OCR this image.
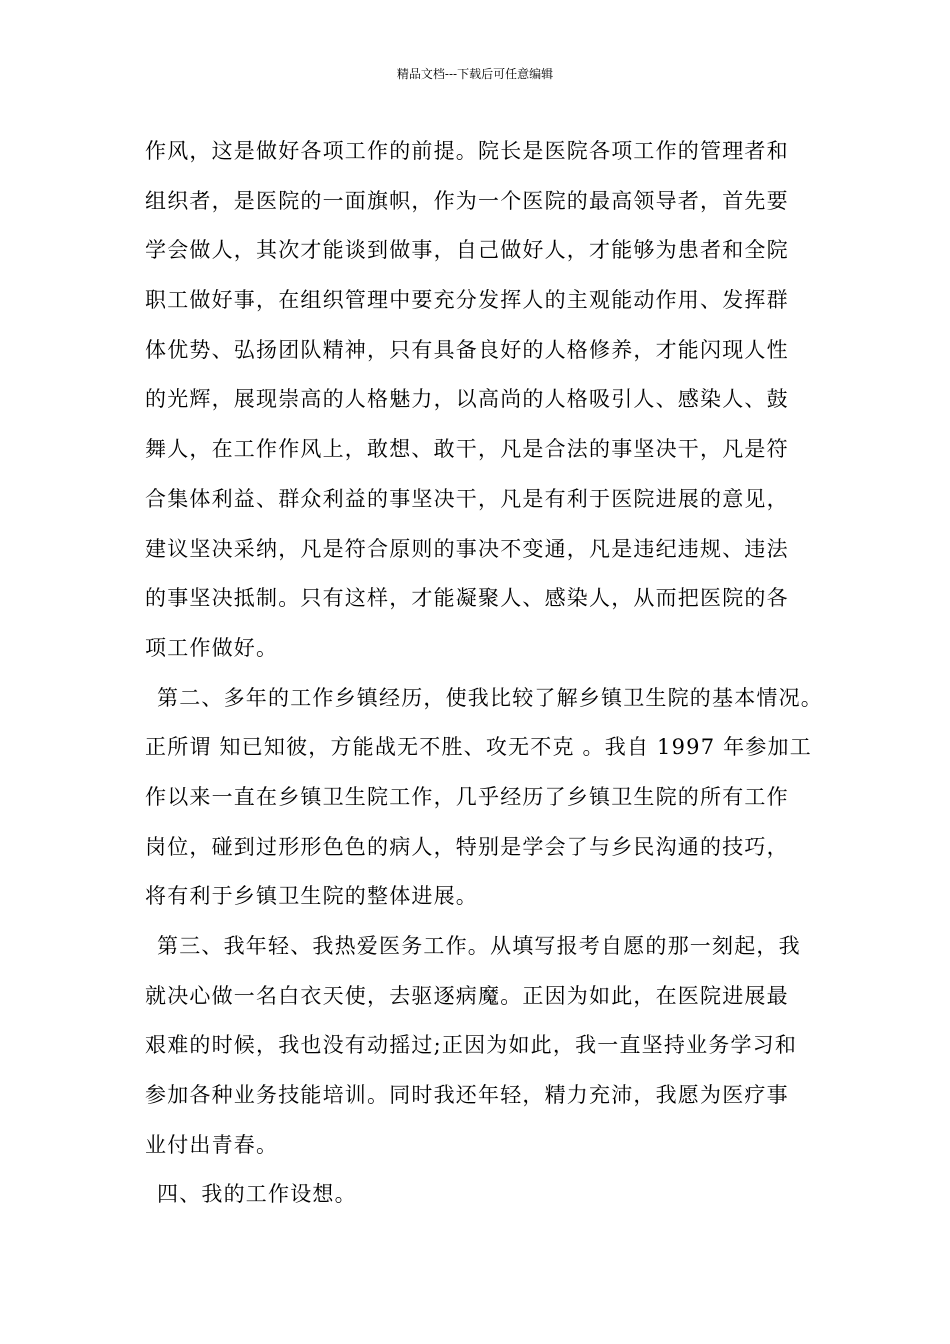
精品文档---下载后可任意编辑
作风，这是做好各项工作的前提。院长是医院各项工作的管理者和
组织者，是医院的一面旗帜，作为一个医院的最高领导者，首先要
学会做人，其次才能谈到做事，自己做好人，才能够为患者和全院
职工做好事，在组织管理中要充分发挥人的主观能动作用、发挥群
体优势、弘扬团队精神，只有具备良好的人格修养，才能闪现人性
的光辉，展现崇高的人格魅力，以高尚的人格吸引人、感染人、鼓
舞人，在工作作风上，敢想、敢干，凡是合法的事坚决干，凡是符
合集体利益、群众利益的事坚决干，凡是有利于医院进展的意见，
建议坚决采纳，凡是符合原则的事决不变通，凡是违纪违规、违法
的事坚决抵制。只有这样，才能凝聚人、感染人，从而把医院的各
项工作做好。
第二、多年的工作乡镇经历，使我比较了解乡镇卫生院的基本情况。
正所谓 知已知彼，方能战无不胜、攻无不克 。我自 1997 年参加工
作以来一直在乡镇卫生院工作，几乎经历了乡镇卫生院的所有工作
岗位，碰到过形形色色的病人，特别是学会了与乡民沟通的技巧，
将有利于乡镇卫生院的整体进展。
第三、我年轻、我热爱医务工作。从填写报考自愿的那一刻起，我
就决心做一名白衣天使，去驱逐病魔。正因为如此，在医院进展最
艰难的时候，我也没有动摇过;正因为如此，我一直坚持业务学习和
参加各种业务技能培训。同时我还年轻，精力充沛，我愿为医疗事
业付出青春。
四、我的工作设想。
